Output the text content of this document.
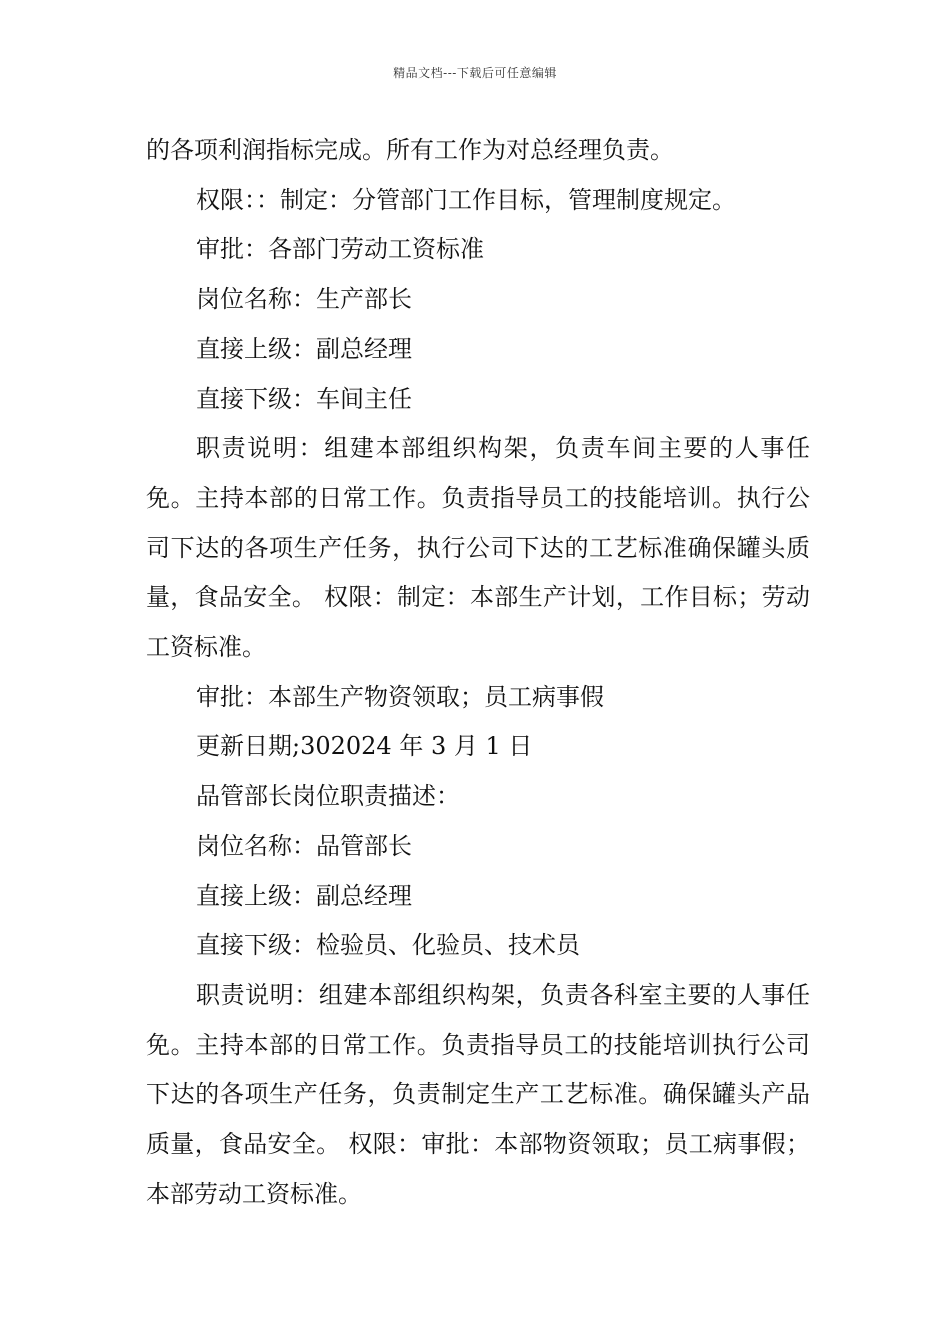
精品文档---下载后可任意编辑

的各项利润指标完成。所有工作为对总经理负责。

权限：：制定：分管部门工作目标，管理制度规定。

审批：各部门劳动工资标准

岗位名称：生产部长

直接上级：副总经理

直接下级：车间主任

职责说明：组建本部组织构架，负责车间主要的人事任免。主持本部的日常工作。负责指导员工的技能培训。执行公司下达的各项生产任务，执行公司下达的工艺标准确保罐头质量，食品安全。 权限：制定：本部生产计划，工作目标；劳动工资标准。

审批：本部生产物资领取；员工病事假

更新日期;302024 年 3 月 1 日

品管部长岗位职责描述：

岗位名称：品管部长

直接上级：副总经理

直接下级：检验员、化验员、技术员

职责说明：组建本部组织构架，负责各科室主要的人事任免。主持本部的日常工作。负责指导员工的技能培训执行公司下达的各项生产任务，负责制定生产工艺标准。确保罐头产品质量，食品安全。 权限：审批：本部物资领取；员工病事假；本部劳动工资标准。
